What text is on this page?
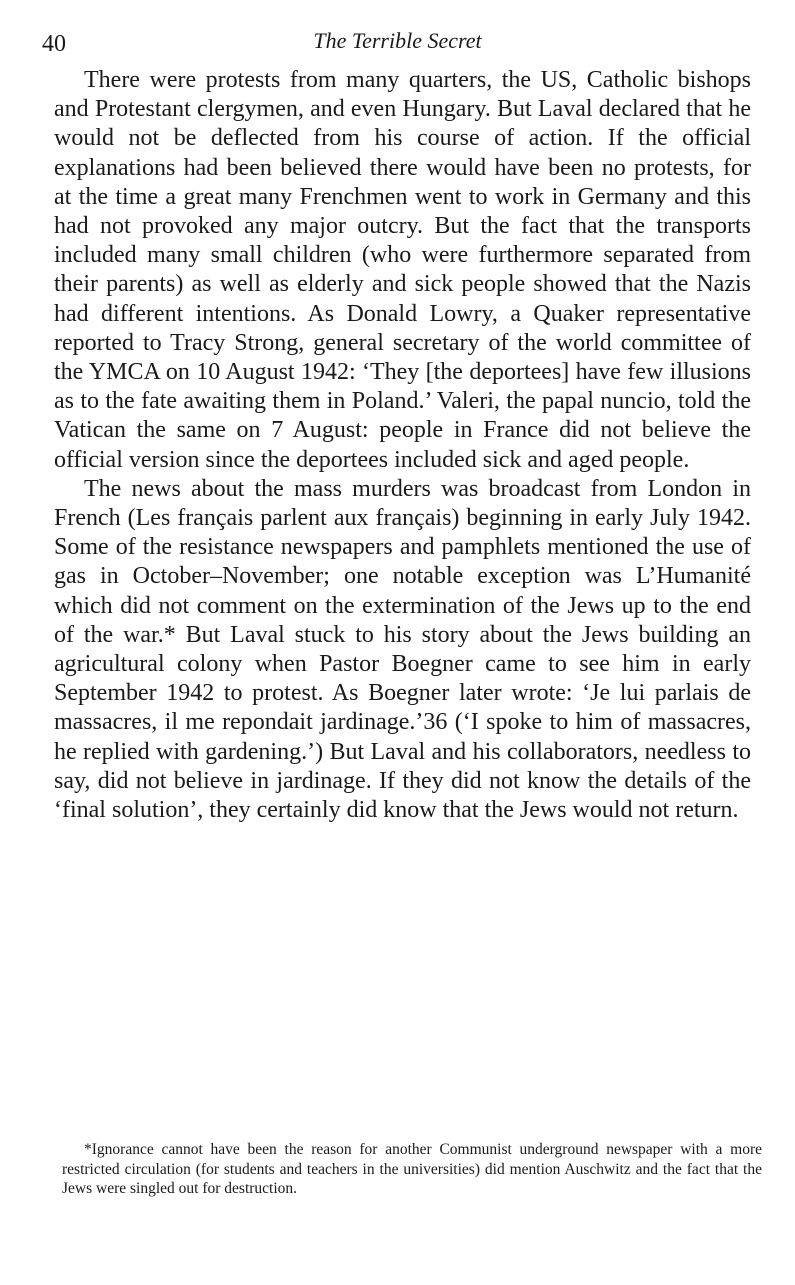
40	The Terrible Secret

There were protests from many quarters, the US, Catholic bishops and Protestant clergymen, and even Hungary. But Laval declared that he would not be deflected from his course of action. If the official explanations had been believed there would have been no protests, for at the time a great many Frenchmen went to work in Germany and this had not provoked any major outcry. But the fact that the transports included many small children (who were furthermore separated from their parents) as well as elderly and sick people showed that the Nazis had different intentions. As Donald Lowry, a Quaker representative reported to Tracy Strong, general secretary of the world committee of the YMCA on 10 August 1942: ‘They [the deportees] have few illusions as to the fate awaiting them in Poland.’ Valeri, the papal nuncio, told the Vatican the same on 7 August: people in France did not believe the official version since the deportees included sick and aged people.

The news about the mass murders was broadcast from London in French (Les français parlent aux français) beginning in early July 1942. Some of the resistance newspapers and pamphlets mentioned the use of gas in October–November; one notable exception was L’Humanité which did not comment on the extermination of the Jews up to the end of the war.* But Laval stuck to his story about the Jews building an agricultural colony when Pastor Boegner came to see him in early September 1942 to protest. As Boegner later wrote: ‘Je lui parlais de massacres, il me repondait jardinage.’36 (‘I spoke to him of massacres, he replied with gardening.’) But Laval and his collaborators, needless to say, did not believe in jardinage. If they did not know the details of the ‘final solution’, they certainly did know that the Jews would not return.

*Ignorance cannot have been the reason for another Communist underground newspaper with a more restricted circulation (for students and teachers in the universities) did mention Auschwitz and the fact that the Jews were singled out for destruction.
